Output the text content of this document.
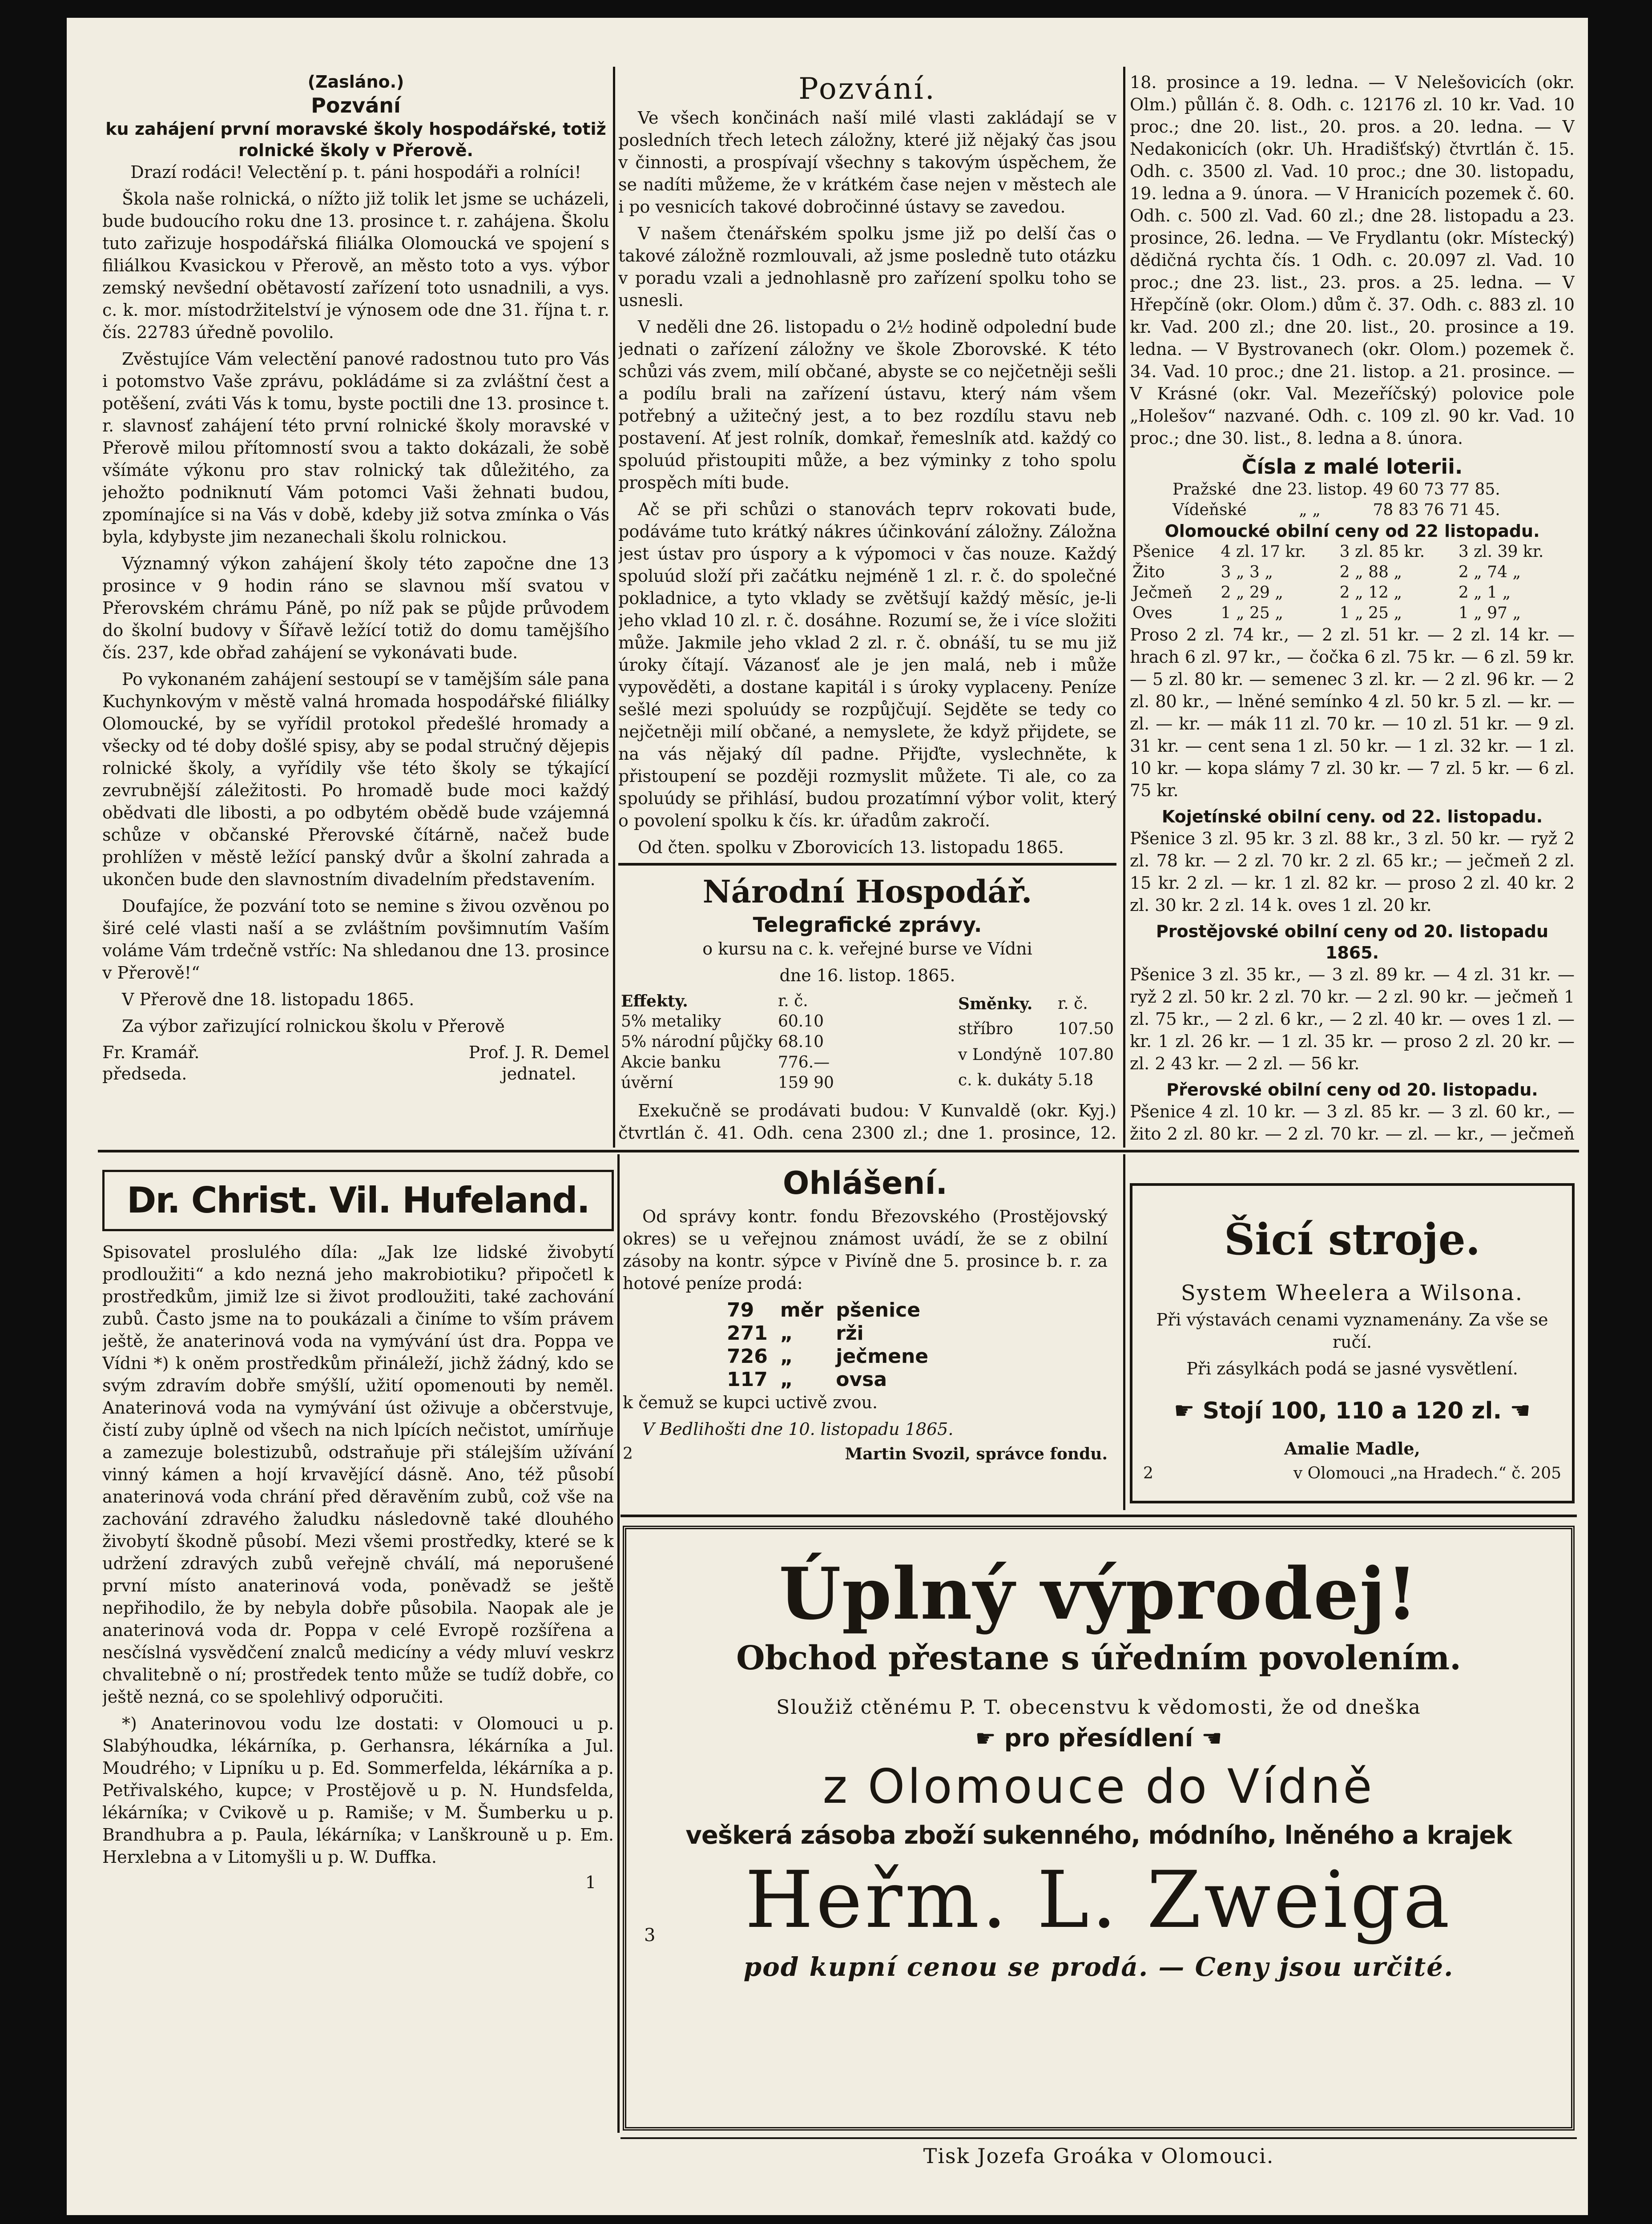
(Zasláno.)
Pozvání
ku zahájení první moravské školy hospodářské, totiž rolnické školy v Přerově.

Drazí rodáci! Velectění p. t. páni hospodáři a rolníci!

Škola naše rolnická, o nížto již tolik let jsme se ucházeli, bude budoucího roku dne 13. prosince t. r. zahájena. Školu tuto zařizuje hospodářská filiálka Olomoucká ve spojení s filiálkou Kvasickou v Přerově, an město toto a vys. výbor zemský nevšední obětavostí zařízení toto usnadnili, a vys. c. k. mor. místodržitelství je výnosem ode dne 31. října t. r. čís. 22783 úředně povolilo.

Zvěstujíce Vám velectění panové radostnou tuto pro Vás i potomstvo Vaše zprávu, pokládáme si za zvláštní čest a potěšení, zváti Vás k tomu, byste poctili dne 13. prosince t. r. slavnosť zahájení této první rolnické školy moravské v Přerově milou přítomností svou a takto dokázali, že sobě všímáte výkonu pro stav rolnický tak důležitého, za jehožto podniknutí Vám potomci Vaši žehnati budou, zpomínajíce si na Vás v době, kdeby již sotva zmínka o Vás byla, kdybyste jim nezanechali školu rolnickou.

Významný výkon zahájení školy této započne dne 13 prosince v 9 hodin ráno se slavnou mší svatou v Přerovském chrámu Páně, po níž pak se půjde průvodem do školní budovy v Šířavě ležící totiž do domu tamějšího čís. 237, kde obřad zahájení se vykonávati bude.

Po vykonaném zahájení sestoupí se v tamějším sále pana Kuchynkovým v městě valná hromada hospodářské filiálky Olomoucké, by se vyřídil protokol předešlé hromady a všecky od té doby došlé spisy, aby se podal stručný dějepis rolnické školy, a vyřídily vše této školy se týkající zevrubnější záležitosti. Po hromadě bude moci každý obědvati dle libosti, a po odbytém obědě bude vzájemná schůze v občanské Přerovské čítárně, načež bude prohlížen v městě ležící panský dvůr a školní zahrada a ukončen bude den slavnostním divadelním představením.

Doufajíce, že pozvání toto se nemine s živou ozvěnou po širé celé vlasti naší a se zvláštním povšimnutím Vaším voláme Vám trdečně vstříc: Na shledanou dne 13. prosince v Přerově!“

V Přerově dne 18. listopadu 1865.

Za výbor zařizující rolnickou školu v Přerově

Fr. Kramář.
předseda.
Prof. J. R. Demel
jednatel.
Pozvání.

Ve všech končinách naší milé vlasti zakládají se v posledních třech letech záložny, které již nějaký čas jsou v činnosti, a prospívají všechny s takovým úspěchem, že se nadíti můžeme, že v krátkém čase nejen v městech ale i po vesnicích takové dobročinné ústavy se zavedou.

V našem čtenářském spolku jsme již po delší čas o takové záložně rozmlouvali, až jsme posledně tuto otázku v poradu vzali a jednohlasně pro zařízení spolku toho se usnesli.

V neděli dne 26. listopadu o 2½ hodině odpolední bude jednati o zařízení záložny ve škole Zborovské. K této schůzi vás zvem, milí občané, abyste se co nejčetněji sešli a podílu brali na zařízení ústavu, který nám všem potřebný a užitečný jest, a to bez rozdílu stavu neb postavení. Ať jest rolník, domkař, řemeslník atd. každý co spoluúd přistoupiti může, a bez výminky z toho spolu prospěch míti bude.

Ač se při schůzi o stanovách teprv rokovati bude, podáváme tuto krátký nákres účinkování záložny. Záložna jest ústav pro úspory a k výpomoci v čas nouze. Každý spoluúd složí při začátku nejméně 1 zl. r. č. do společné pokladnice, a tyto vklady se zvětšují každý měsíc, je-li jeho vklad 10 zl. r. č. dosáhne. Rozumí se, že i více složiti může. Jakmile jeho vklad 2 zl. r. č. obnáší, tu se mu již úroky čítají. Vázanosť ale je jen malá, neb i může vypověděti, a dostane kapitál i s úroky vyplaceny. Peníze sešlé mezi spoluúdy se rozpůjčují. Sejděte se tedy co nejčetněji milí občané, a nemyslete, že když přijdete, se na vás nějaký díl padne. Přijďte, vyslechněte, k přistoupení se později rozmyslit můžete. Ti ale, co za spoluúdy se přihlásí, budou prozatímní výbor volit, který o povolení spolku k čís. kr. úřadům zakročí.

Od čten. spolku v Zborovicích 13. listopadu 1865.

Národní Hospodář.
Telegrafické zprávy.

o kursu na c. k. veřejné burse ve Vídni

dne 16. listop. 1865.

Effekty.	r. č.
5% metaliky	60.10
5% národní půjčky	68.10
Akcie banku	776.—
úvěrní	159 90
Směnky.	r. č.
stříbro	107.50
v Londýně	107.80
c. k. dukáty	5.18

Exekučně se prodávati budou: V Kunvaldě (okr. Kyj.) čtvrtlán č. 41. Odh. cena 2300 zl.; dne 1. prosince, 12.

18. prosince a 19. ledna. — V Nelešovicích (okr. Olm.) půllán č. 8. Odh. c. 12176 zl. 10 kr. Vad. 10 proc.; dne 20. list., 20. pros. a 20. ledna. — V Nedakonicích (okr. Uh. Hradišťský) čtvrtlán č. 15. Odh. c. 3500 zl. Vad. 10 proc.; dne 30. listopadu, 19. ledna a 9. února. — V Hranicích pozemek č. 60. Odh. c. 500 zl. Vad. 60 zl.; dne 28. listopadu a 23. prosince, 26. ledna. — Ve Frydlantu (okr. Místecký) dědičná rychta čís. 1 Odh. c. 20.097 zl. Vad. 10 proc.; dne 23. list., 23. pros. a 25. ledna. — V Hřepčíně (okr. Olom.) dům č. 37. Odh. c. 883 zl. 10 kr. Vad. 200 zl.; dne 20. list., 20. prosince a 19. ledna. — V Bystrovanech (okr. Olom.) pozemek č. 34. Vad. 10 proc.; dne 21. listop. a 21. prosince. — V Krásné (okr. Val. Mezeříčský) polovice pole „Holešov“ nazvané. Odh. c. 109 zl. 90 kr. Vad. 10 proc.; dne 30. list., 8. ledna a 8. února.

Čísla z malé loterii.
Pražské	dne 23. listop.	49 60 73 77 85.
Vídeňské	„ „	78 83 76 71 45.
Olomoucké obilní ceny od 22 listopadu.
Pšenice	4 zl. 17 kr.	3 zl. 85 kr.	3 zl. 39 kr.
Žito	3 „ 3 „	2 „ 88 „	2 „ 74 „
Ječmeň	2 „ 29 „	2 „ 12 „	2 „ 1 „
Oves	1 „ 25 „	1 „ 25 „	1 „ 97 „

Proso 2 zl. 74 kr., — 2 zl. 51 kr. — 2 zl. 14 kr. — hrach 6 zl. 97 kr., — čočka 6 zl. 75 kr. — 6 zl. 59 kr. — 5 zl. 80 kr. — semenec 3 zl. kr. — 2 zl. 96 kr. — 2 zl. 80 kr., — lněné semínko 4 zl. 50 kr. 5 zl. — kr. — zl. — kr. — mák 11 zl. 70 kr. — 10 zl. 51 kr. — 9 zl. 31 kr. — cent sena 1 zl. 50 kr. — 1 zl. 32 kr. — 1 zl. 10 kr. — kopa slámy 7 zl. 30 kr. — 7 zl. 5 kr. — 6 zl. 75 kr.

Kojetínské obilní ceny. od 22. listopadu.

Pšenice 3 zl. 95 kr. 3 zl. 88 kr., 3 zl. 50 kr. — ryž 2 zl. 78 kr. — 2 zl. 70 kr. 2 zl. 65 kr.; — ječmeň 2 zl. 15 kr. 2 zl. — kr. 1 zl. 82 kr. — proso 2 zl. 40 kr. 2 zl. 30 kr. 2 zl. 14 k. oves 1 zl. 20 kr.

Prostějovské obilní ceny od 20. listopadu 1865.

Pšenice 3 zl. 35 kr., — 3 zl. 89 kr. — 4 zl. 31 kr. — ryž 2 zl. 50 kr. 2 zl. 70 kr. — 2 zl. 90 kr. — ječmeň 1 zl. 75 kr., — 2 zl. 6 kr., — 2 zl. 40 kr. — oves 1 zl. — kr. 1 zl. 26 kr. — 1 zl. 35 kr. — proso 2 zl. 20 kr. — zl. 2 43 kr. — 2 zl. — 56 kr.

Přerovské obilní ceny od 20. listopadu.

Pšenice 4 zl. 10 kr. — 3 zl. 85 kr. — 3 zl. 60 kr., — žito 2 zl. 80 kr. — 2 zl. 70 kr. — zl. — kr., — ječmeň

Dr. Christ. Vil. Hufeland.

Spisovatel proslulého díla: „Jak lze lidské živobytí prodloužiti“ a kdo nezná jeho makrobiotiku? připočetl k prostředkům, jimiž lze si život prodloužiti, také zachování zubů. Často jsme na to poukázali a činíme to vším právem ještě, že anaterinová voda na vymývání úst dra. Poppa ve Vídni *) k oněm prostředkům přináleží, jichž žádný, kdo se svým zdravím dobře smýšlí, užití opomenouti by neměl. Anaterinová voda na vymývání úst oživuje a občerstvuje, čistí zuby úplně od všech na nich lpících nečistot, umírňuje a zamezuje bolestizubů, odstraňuje při stálejším užívání vinný kámen a hojí krvavějící dásně. Ano, též působí anaterinová voda chrání před děravěním zubů, což vše na zachování zdravého žaludku následovně také dlouhého živobytí škodně působí. Mezi všemi prostředky, které se k udržení zdravých zubů veřejně chválí, má neporušené první místo anaterinová voda, poněvadž se ještě nepřihodilo, že by nebyla dobře působila. Naopak ale je anaterinová voda dr. Poppa v celé Evropě rozšířena a nesčíslná vysvědčení znalců medicíny a védy mluví veskrz chvalitebně o ní; prostředek tento může se tudíž dobře, co ještě nezná, co se spolehlivý odporučiti.

*) Anaterinovou vodu lze dostati: v Olomouci u p. Slabýhoudka, lékárníka, p. Gerhansra, lékárníka a Jul. Moudrého; v Lipníku u p. Ed. Sommerfelda, lékárníka a p. Petřivalského, kupce; v Prostějově u p. N. Hundsfelda, lékárníka; v Cvikově u p. Ramiše; v M. Šumberku u p. Brandhubra a p. Paula, lékárníka; v Lanškrouně u p. Em. Herxlebna a v Litomyšli u p. W. Duffka.

1
Ohlášení.

Od správy kontr. fondu Březovského (Prostějovský okres) se u veřejnou známost uvádí, že se z obilní zásoby na kontr. sýpce v Pivíně dne 5. prosince b. r. za hotové peníze prodá:

79	měr	pšenice
271	„	rži
726	„	ječmene
117	„	ovsa

k čemuž se kupci uctivě zvou.

V Bedlihošti dne 10. listopadu 1865.

2	Martin Svozil, správce fondu.
Šicí stroje.
System Wheelera a Wilsona.

Při výstavách cenami vyznamenány. Za vše se ručí.

Při zásylkách podá se jasné vysvětlení.

☛ Stojí 100, 110 a 120 zl. ☚

Amalie Madle,

2	v Olomouci „na Hradech.“ č. 205
Úplný výprodej!
Obchod přestane s úředním povolením.
Sloužiž ctěnému P. T. obecenstvu k vědomosti, že od dneška
☛ pro přesídlení ☚
z Olomouce do Vídně
veškerá zásoba zboží sukenného, módního, lněného a krajek
Heřm. L. Zweiga
pod kupní cenou se prodá. — Ceny jsou určité.
3
Tisk Jozefa Groáka v Olomouci.
